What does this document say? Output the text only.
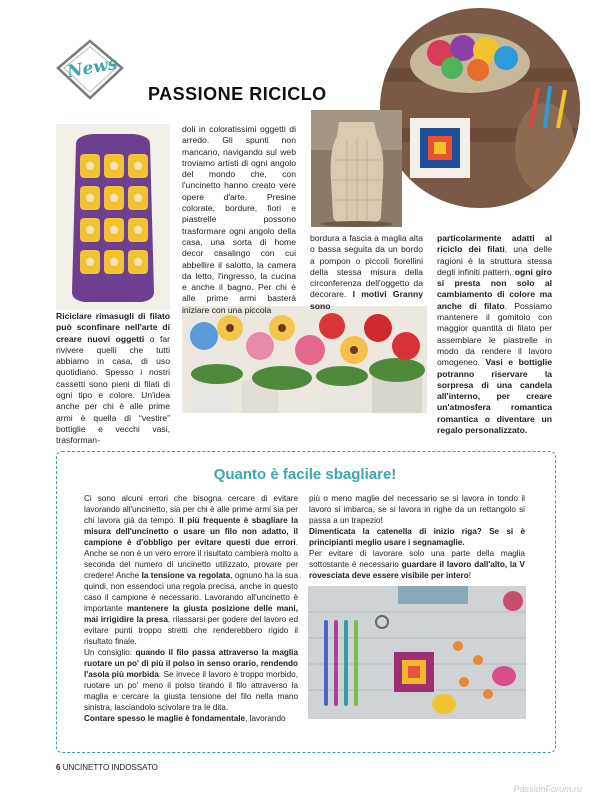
News
PASSIONE RICICLO

doli in coloratissimi oggetti di arredo. Gli spunti non mancano, navigando sul web troviamo artisti di ogni angolo del mondo che, con l'uncinetto hanno creato vere opere d'arte. Presine colorate, bordure, fiori e piastrelle possono trasformare ogni angolo della casa, una sorta di home decor casalingo con cui abbellire il salotto, la camera da letto, l'ingresso, la cucina e anche il bagno. Per chi è alle prime armi basterà iniziare con una piccola

Riciclare rimasugli di filato può sconfinare nell'arte di creare nuovi oggetti o far rivivere quelli che tutti abbiamo in casa, di uso quotidiano. Spesso i nostri cassetti sono pieni di filati di ogni tipo e colore. Un'idea anche per chi è alle prime armi è quella di “vestire” bottiglie e vecchi vasi, trasforman-

bordura a fascia a maglia alta o bassa seguita da un bordo a pompon o piccoli fiorellini della stessa misura della circonferenza dell'oggetto da decorare. I motivi Granny sono

particolarmente adatti al riciclo dei filati, una delle ragioni è la struttura stessa degli infiniti pattern, ogni giro si presta non solo al cambiamento di colore ma anche di filato. Possiamo mantenere il gomitolo con maggior quantità di filato per assemblare le piastrelle in modo da rendere il lavoro omogeneo. Vasi e bottiglie potranno riservare la sorpresa di una candela all'interno, per creare un'atmosfera romantica romantica o diventare un regalo personalizzato.

Quanto è facile sbagliare!

Ci sono alcuni errori che bisogna cercare di evitare lavorando all'uncinetto, sia per chi è alle prime armi sia per chi lavora già da tempo. Il più frequente è sbagliare la misura dell'uncinetto o usare un filo non adatto, il campione è d'obbligo per evitare questi due errori. Anche se non è un vero errore il risultato cambierà molto a seconda del numero di uncinetto utilizzato, provare per credere! Anche la tensione va regolata, ognuno ha la sua quindi, non essendoci una regola precisa, anche in questo caso il campione è necessario. Lavorando all'uncinetto è importante mantenere la giusta posizione delle mani, mai irrigidire la presa, rilassarsi per godere del lavoro ed evitare punti troppo stretti che renderebbero rigido il risultato finale.

Un consiglio: quando il filo passa attraverso la maglia ruotare un po' di più il polso in senso orario, rendendo l'asola più morbida. Se invece il lavoro è troppo morbido, ruotare un po' meno il polso tirando il filo attraverso la maglia e cercare la giusta tensione del filo nella mano sinistra, lasciandolo scivolare tra le dita.

Contare spesso le maglie è fondamentale, lavorando

più o meno maglie del necessario se si lavora in tondo il lavoro si imbarca, se si lavora in righe da un rettangolo si passa a un trapezio!

Dimenticata la catenella di inizio riga? Se si è principianti meglio usare i segnamaglie.

Per evitare di lavorare solo una parte della maglia sottostante è necessario guardare il lavoro dall'alto, la V rovesciata deve essere visibile per intero!

6 UNCINETTO INDOSSATO
PassionForum.ru
